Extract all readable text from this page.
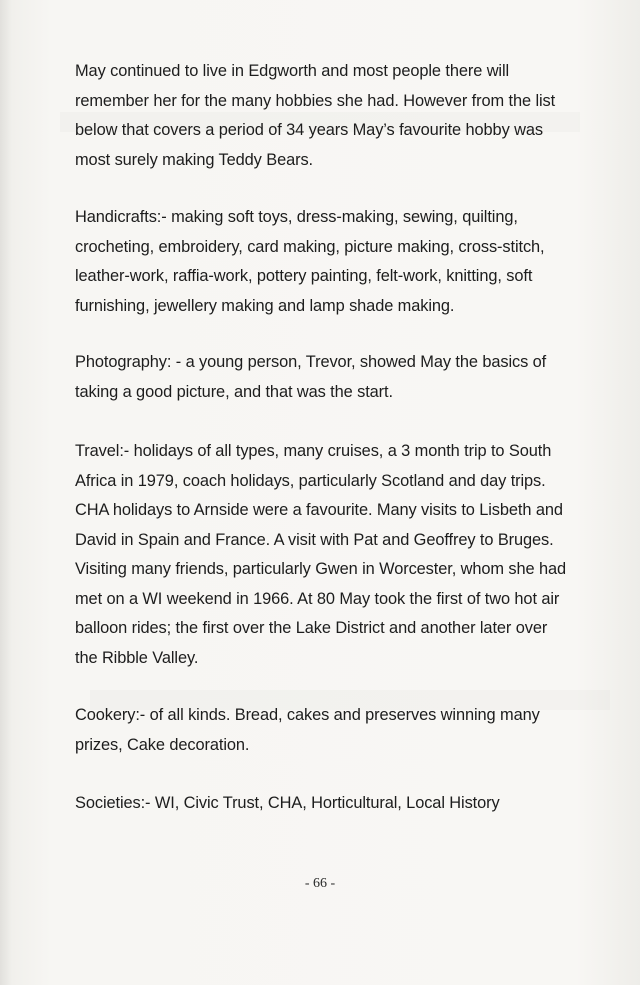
May continued to live in Edgworth and most people there will
remember her for the many hobbies she had. However from the list
below that covers a period of 34 years May’s favourite hobby was
most surely making Teddy Bears.
Handicrafts:- making soft toys, dress-making, sewing, quilting,
crocheting, embroidery, card making, picture making, cross-stitch,
leather-work, raffia-work, pottery painting, felt-work, knitting, soft
furnishing, jewellery making and lamp shade making.
Photography: - a young person, Trevor, showed May the basics of
taking a good picture, and that was the start.
Travel:- holidays of all types, many cruises, a 3 month trip to South
Africa in 1979, coach holidays, particularly Scotland and day trips.
CHA holidays to Arnside were a favourite. Many visits to Lisbeth and
David in Spain and France. A visit with Pat and Geoffrey to Bruges.
Visiting many friends, particularly Gwen in Worcester, whom she had
met on a WI weekend in 1966. At 80 May took the first of two hot air
balloon rides; the first over the Lake District and another later over
the Ribble Valley.
Cookery:- of all kinds. Bread, cakes and preserves winning many
prizes, Cake decoration.
Societies:- WI, Civic Trust, CHA, Horticultural, Local History
- 66 -
